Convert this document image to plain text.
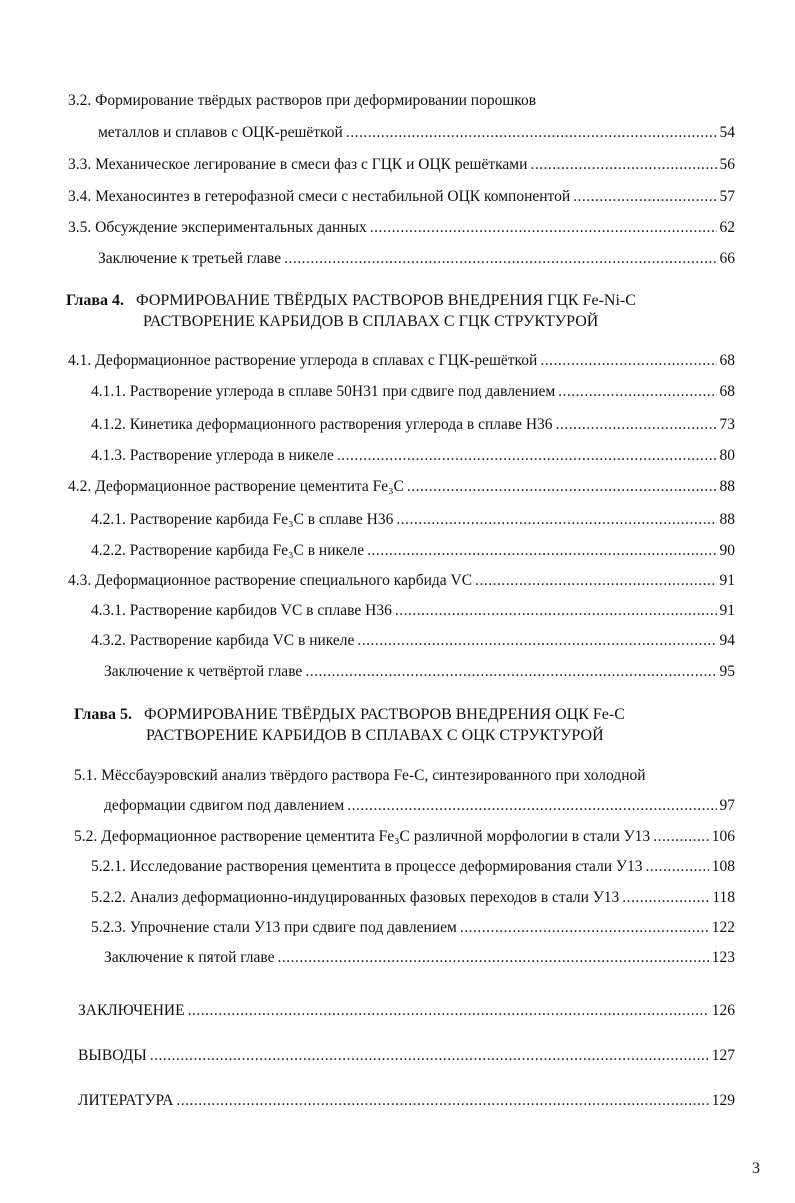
3.2. Формирование твёрдых растворов при деформировании порошков
металлов и сплавов с ОЦК-решёткой .....	54
3.3. Механическое легирование в смеси фаз с ГЦК и ОЦК решётками .....	56
3.4. Механосинтез в гетерофазной смеси с нестабильной ОЦК компонентой .....	57
3.5. Обсуждение экспериментальных данных .....	62
Заключение к третьей главе .....	66
Глава 4. ФОРМИРОВАНИЕ ТВЁРДЫХ РАСТВОРОВ ВНЕДРЕНИЯ ГЦК Fe-Ni-C
РАСТВОРЕНИЕ КАРБИДОВ В СПЛАВАХ С ГЦК СТРУКТУРОЙ
4.1. Деформационное растворение углерода в сплавах с ГЦК-решёткой .....	68
4.1.1. Растворение углерода в сплаве 50Н31 при сдвиге под давлением .....	68
4.1.2. Кинетика деформационного растворения углерода в сплаве Н36 .....	73
4.1.3. Растворение углерода в никеле .....	80
4.2. Деформационное растворение цементита Fe₃C .....	88
4.2.1. Растворение карбида Fe₃C в сплаве Н36 .....	88
4.2.2. Растворение карбида Fe₃C в никеле .....	90
4.3. Деформационное растворение специального карбида VC .....	91
4.3.1. Растворение карбидов VC в сплаве Н36 .....	91
4.3.2. Растворение карбида VC в никеле .....	94
Заключение к четвёртой главе .....	95
Глава 5. ФОРМИРОВАНИЕ ТВЁРДЫХ РАСТВОРОВ ВНЕДРЕНИЯ ОЦК Fe-C
РАСТВОРЕНИЕ КАРБИДОВ В СПЛАВАХ С ОЦК СТРУКТУРОЙ
5.1. Мёссбауэровский анализ твёрдого раствора Fe-C, синтезированного при холодной
деформации сдвигом под давлением .....	97
5.2. Деформационное растворение цементита Fe₃C различной морфологии в стали У13 .....	106
5.2.1. Исследование растворения цементита в процессе деформирования стали У13 .....	108
5.2.2. Анализ деформационно-индуцированных фазовых переходов в стали У13 .....	118
5.2.3. Упрочнение стали У13 при сдвиге под давлением .....	122
Заключение к пятой главе .....	123
ЗАКЛЮЧЕНИЕ .....	126
ВЫВОДЫ .....	127
ЛИТЕРАТУРА .....	129
3
